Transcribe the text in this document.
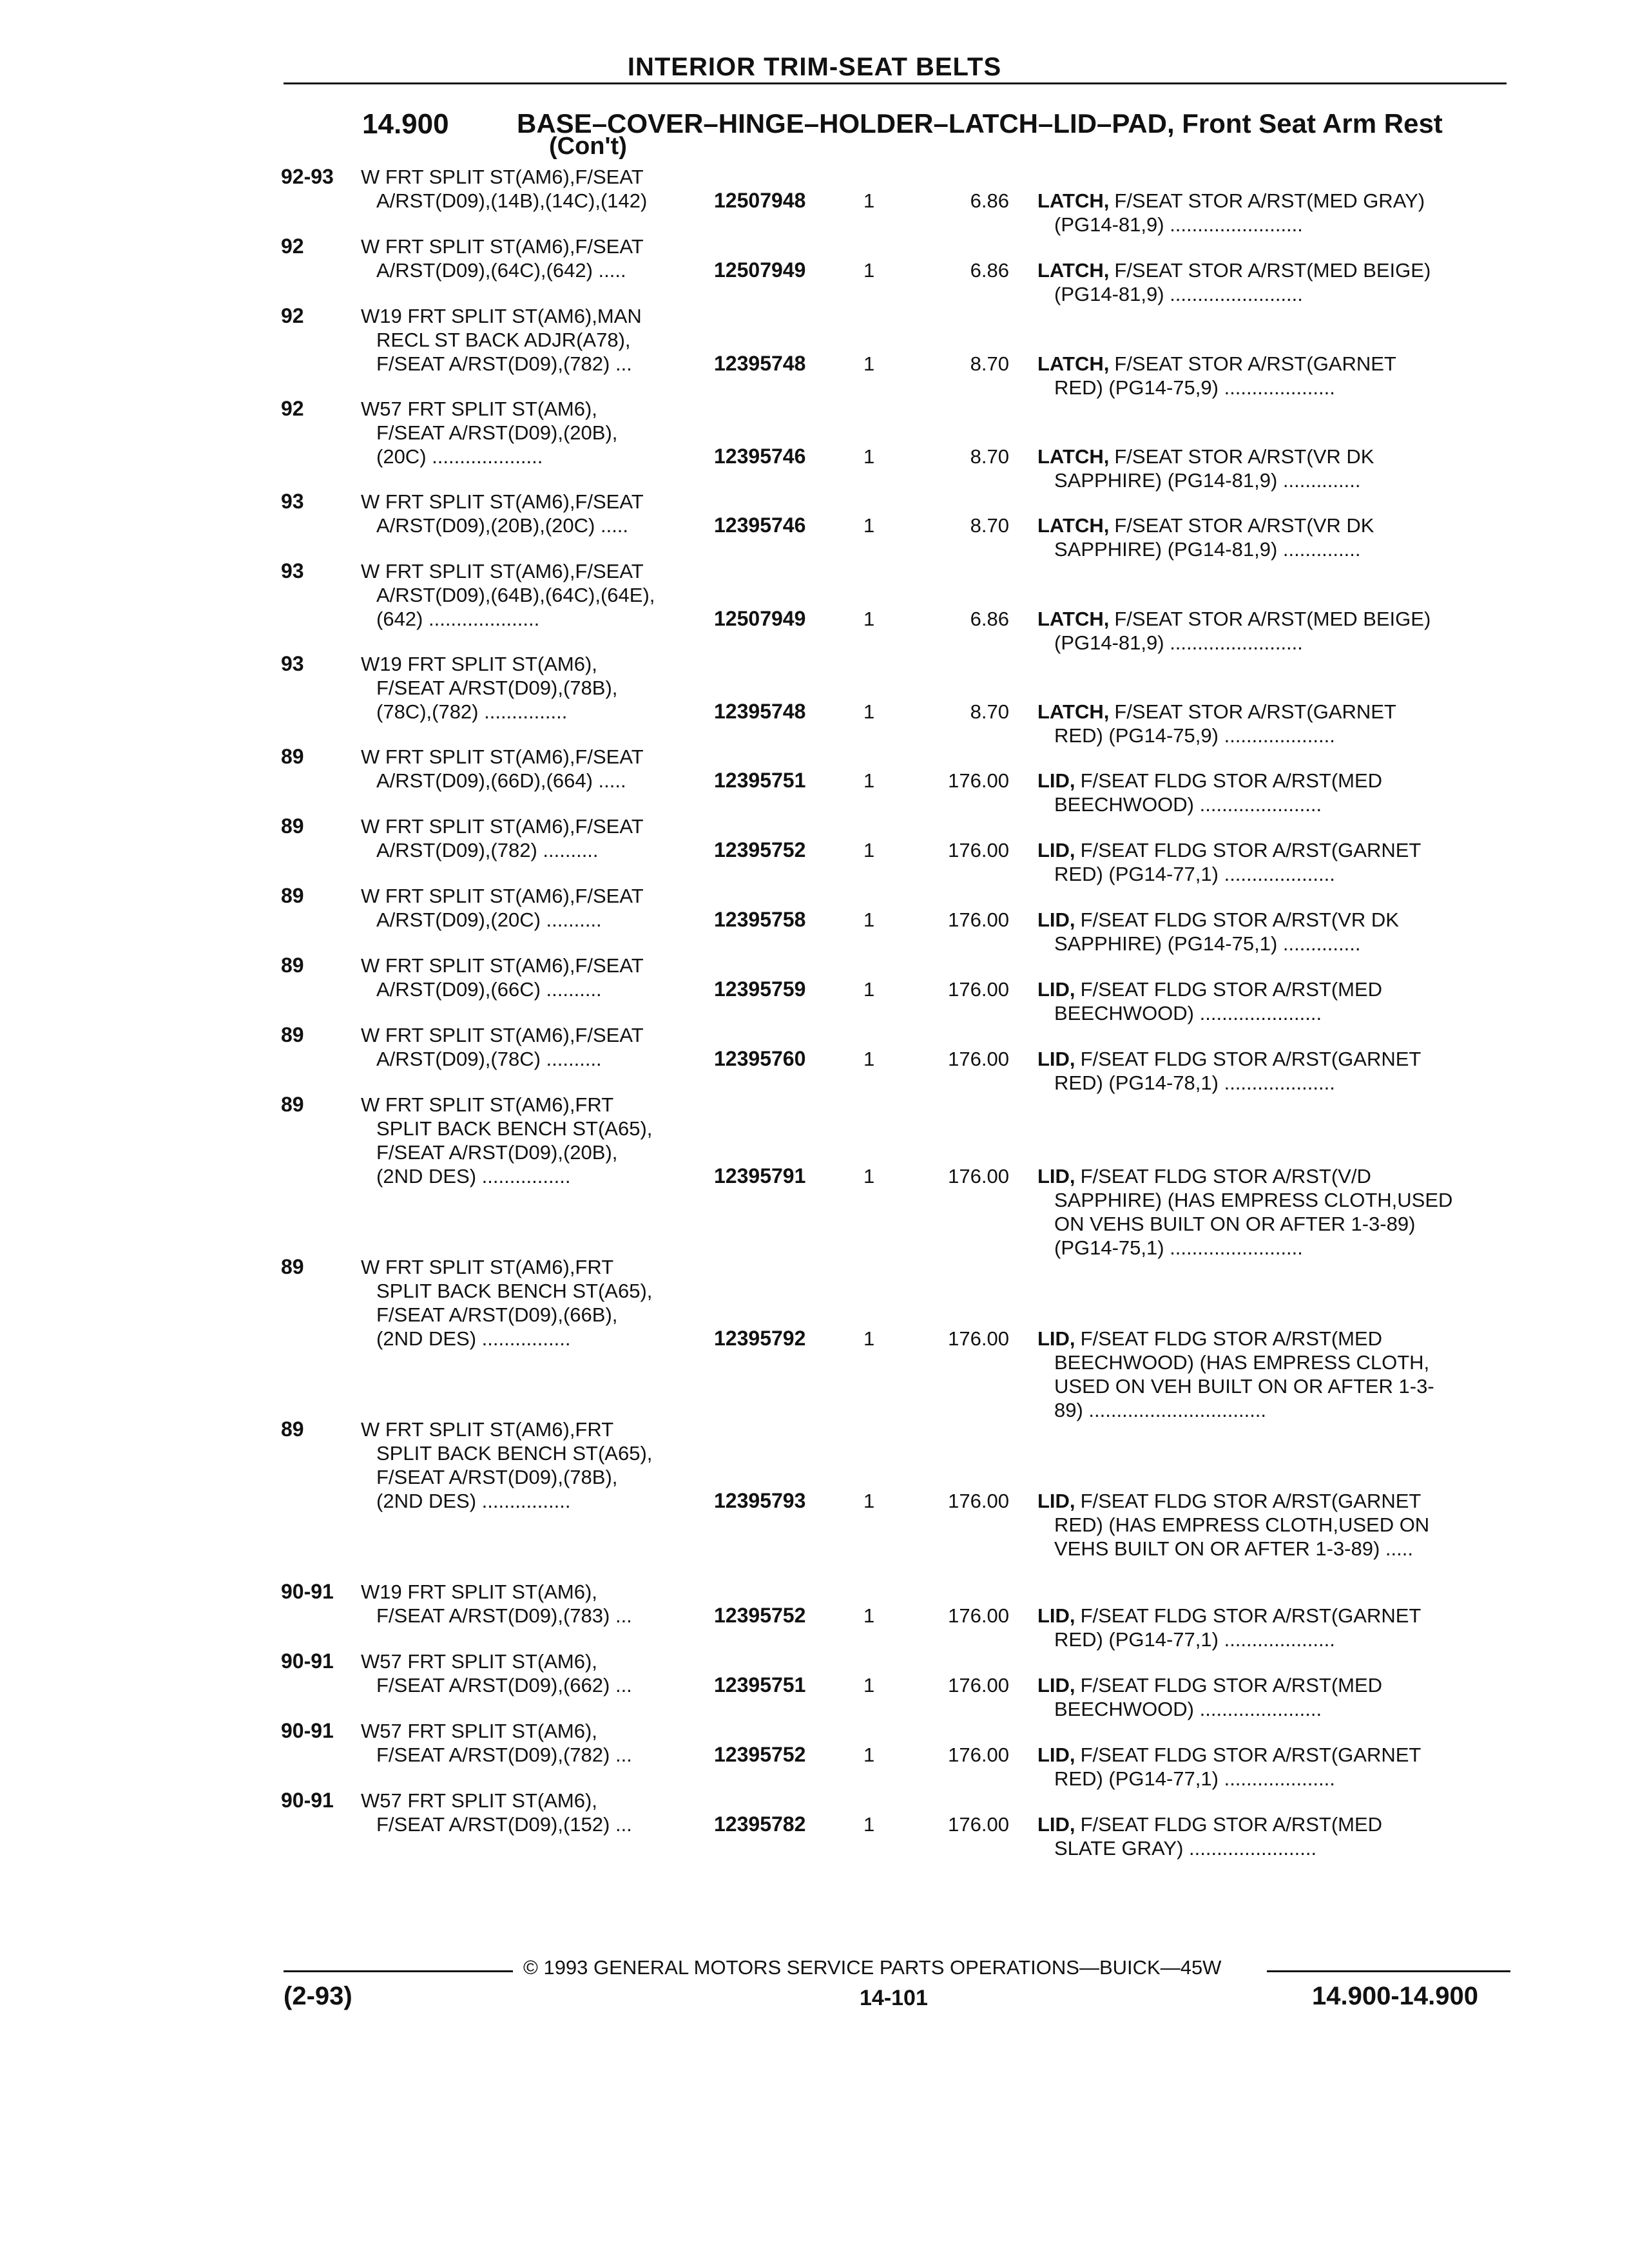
INTERIOR TRIM-SEAT BELTS
14.900	BASE–COVER–HINGE–HOLDER–LATCH–LID–PAD, Front Seat Arm Rest
(Con't)
92-93 W FRT SPLIT ST(AM6),F/SEAT
A/RST(D09),(14B),(14C),(142)	12507948	1	6.86 LATCH, F/SEAT STOR A/RST(MED GRAY)
(PG14-81,9) ........................
92	W FRT SPLIT ST(AM6),F/SEAT
A/RST(D09),(64C),(642) .....	12507949	1	6.86 LATCH, F/SEAT STOR A/RST(MED BEIGE)
(PG14-81,9) ........................
92	W19 FRT SPLIT ST(AM6),MAN
RECL ST BACK ADJR(A78),
F/SEAT A/RST(D09),(782) ...	12395748	1	8.70 LATCH, F/SEAT STOR A/RST(GARNET
RED) (PG14-75,9) ....................
92	W57 FRT SPLIT ST(AM6),
F/SEAT A/RST(D09),(20B),
(20C) ....................	12395746	1	8.70 LATCH, F/SEAT STOR A/RST(VR DK
SAPPHIRE) (PG14-81,9) ..............
93	W FRT SPLIT ST(AM6),F/SEAT
A/RST(D09),(20B),(20C) .....	12395746	1	8.70 LATCH, F/SEAT STOR A/RST(VR DK
SAPPHIRE) (PG14-81,9) ..............
93	W FRT SPLIT ST(AM6),F/SEAT
A/RST(D09),(64B),(64C),(64E),
(642) ....................	12507949	1	6.86 LATCH, F/SEAT STOR A/RST(MED BEIGE)
(PG14-81,9) ........................
93	W19 FRT SPLIT ST(AM6),
F/SEAT A/RST(D09),(78B),
(78C),(782) ...............	12395748	1	8.70 LATCH, F/SEAT STOR A/RST(GARNET
RED) (PG14-75,9) ....................
89	W FRT SPLIT ST(AM6),F/SEAT
A/RST(D09),(66D),(664) .....	12395751	1	176.00 LID, F/SEAT FLDG STOR A/RST(MED
BEECHWOOD) ......................
89	W FRT SPLIT ST(AM6),F/SEAT
A/RST(D09),(782) ..........	12395752	1	176.00 LID, F/SEAT FLDG STOR A/RST(GARNET
RED) (PG14-77,1) ....................
89	W FRT SPLIT ST(AM6),F/SEAT
A/RST(D09),(20C) ..........	12395758	1	176.00 LID, F/SEAT FLDG STOR A/RST(VR DK
SAPPHIRE) (PG14-75,1) ..............
89	W FRT SPLIT ST(AM6),F/SEAT
A/RST(D09),(66C) ..........	12395759	1	176.00 LID, F/SEAT FLDG STOR A/RST(MED
BEECHWOOD) ......................
89	W FRT SPLIT ST(AM6),F/SEAT
A/RST(D09),(78C) ..........	12395760	1	176.00 LID, F/SEAT FLDG STOR A/RST(GARNET
RED) (PG14-78,1) ....................
89	W FRT SPLIT ST(AM6),FRT
SPLIT BACK BENCH ST(A65),
F/SEAT A/RST(D09),(20B),
(2ND DES) ................	12395791	1	176.00 LID, F/SEAT FLDG STOR A/RST(V/D
SAPPHIRE) (HAS EMPRESS CLOTH,USED
ON VEHS BUILT ON OR AFTER 1-3-89)
(PG14-75,1) ........................
89	W FRT SPLIT ST(AM6),FRT
SPLIT BACK BENCH ST(A65),
F/SEAT A/RST(D09),(66B),
(2ND DES) ................	12395792	1	176.00 LID, F/SEAT FLDG STOR A/RST(MED
BEECHWOOD) (HAS EMPRESS CLOTH,
USED ON VEH BUILT ON OR AFTER 1-3-
89) ................................
89	W FRT SPLIT ST(AM6),FRT
SPLIT BACK BENCH ST(A65),
F/SEAT A/RST(D09),(78B),
(2ND DES) ................	12395793	1	176.00 LID, F/SEAT FLDG STOR A/RST(GARNET
RED) (HAS EMPRESS CLOTH,USED ON
VEHS BUILT ON OR AFTER 1-3-89) .....
90-91 W19 FRT SPLIT ST(AM6),
F/SEAT A/RST(D09),(783) ...	12395752	1	176.00 LID, F/SEAT FLDG STOR A/RST(GARNET
RED) (PG14-77,1) ....................
90-91 W57 FRT SPLIT ST(AM6),
F/SEAT A/RST(D09),(662) ...	12395751	1	176.00 LID, F/SEAT FLDG STOR A/RST(MED
BEECHWOOD) ......................
90-91 W57 FRT SPLIT ST(AM6),
F/SEAT A/RST(D09),(782) ...	12395752	1	176.00 LID, F/SEAT FLDG STOR A/RST(GARNET
RED) (PG14-77,1) ....................
90-91 W57 FRT SPLIT ST(AM6),
F/SEAT A/RST(D09),(152) ...	12395782	1	176.00 LID, F/SEAT FLDG STOR A/RST(MED
SLATE GRAY) .......................
© 1993 GENERAL MOTORS SERVICE PARTS OPERATIONS—BUICK—45W
(2-93)	14-101	14.900-14.900
